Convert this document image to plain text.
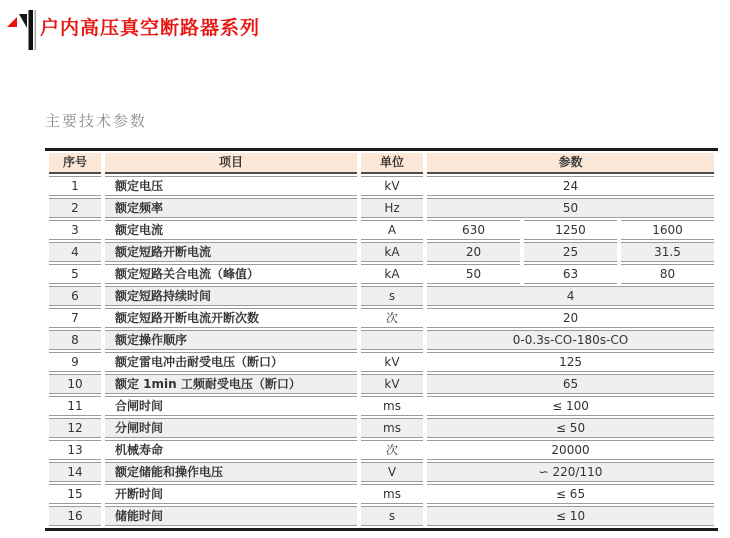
户内高压真空断路器系列
主要技术参数
序号	项目	单位	参数		
1	额定电压	kV	24		
2	额定频率	Hz	50		
3	额定电流	A	630	1250	1600
4	额定短路开断电流	kA	20	25	31.5
5	额定短路关合电流（峰值）	kA	50	63	80
6	额定短路持续时间	s	4		
7	额定短路开断电流开断次数	次	20		
8	额定操作顺序		0-0.3s-CO-180s-CO		
9	额定雷电冲击耐受电压（断口）	kV	125		
10	额定 1min 工频耐受电压（断口）	kV	65		
11	合闸时间	ms	≤ 100		
12	分闸时间	ms	≤ 50		
13	机械寿命	次	20000		
14	额定储能和操作电压	V	∽ 220/110		
15	开断时间	ms	≤ 65		
16	储能时间	s	≤ 10		
